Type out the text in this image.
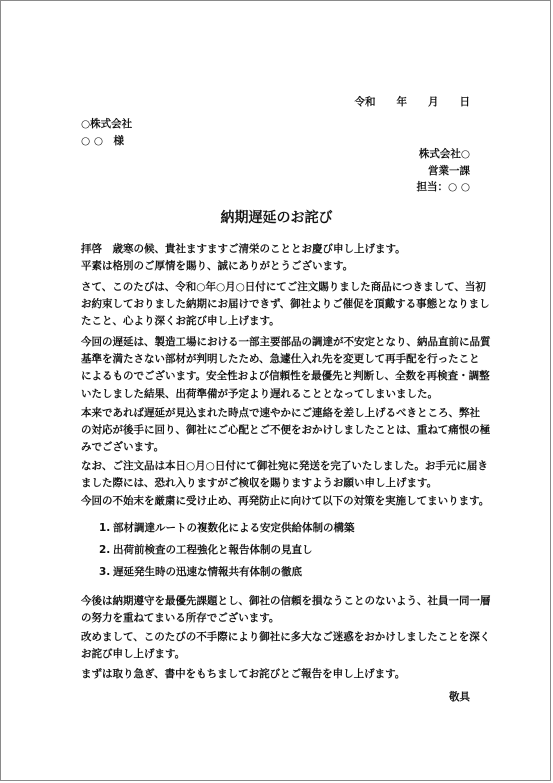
令和　　年　　月　　日
○株式会社
○ ○　様
株式会社○
営業一課
担当：○ ○
納期遅延のお詫び
拝啓　歳寒の候、貴社ますますご清栄のこととお慶び申し上げます。
平素は格別のご厚情を賜り、誠にありがとうございます。
さて、このたびは、令和○年○月○日付にてご注文賜りました商品につきまして、当初
お約束しておりました納期にお届けできず、御社よりご催促を頂戴する事態となりまし
たこと、心より深くお詫び申し上げます。
今回の遅延は、製造工場における一部主要部品の調達が不安定となり、納品直前に品質
基準を満たさない部材が判明したため、急遽仕入れ先を変更して再手配を行ったこと
によるものでございます。安全性および信頼性を最優先と判断し、全数を再検査・調整
いたしました結果、出荷準備が予定より遅れることとなってしまいました。
本来であれば遅延が見込まれた時点で速やかにご連絡を差し上げるべきところ、弊社
の対応が後手に回り、御社にご心配とご不便をおかけしましたことは、重ねて痛恨の極
みでございます。
なお、ご注文品は本日○月○日付にて御社宛に発送を完了いたしました。お手元に届き
ました際には、恐れ入りますがご検収を賜りますようお願い申し上げます。
今回の不始末を厳粛に受け止め、再発防止に向けて以下の対策を実施してまいります。
1. 部材調達ルートの複数化による安定供給体制の構築
2. 出荷前検査の工程強化と報告体制の見直し
3. 遅延発生時の迅速な情報共有体制の徹底
今後は納期遵守を最優先課題とし、御社の信頼を損なうことのないよう、社員一同一層
の努力を重ねてまいる所存でございます。
改めまして、このたびの不手際により御社に多大なご迷惑をおかけしましたことを深く
お詫び申し上げます。
まずは取り急ぎ、書中をもちましてお詫びとご報告を申し上げます。
敬具
